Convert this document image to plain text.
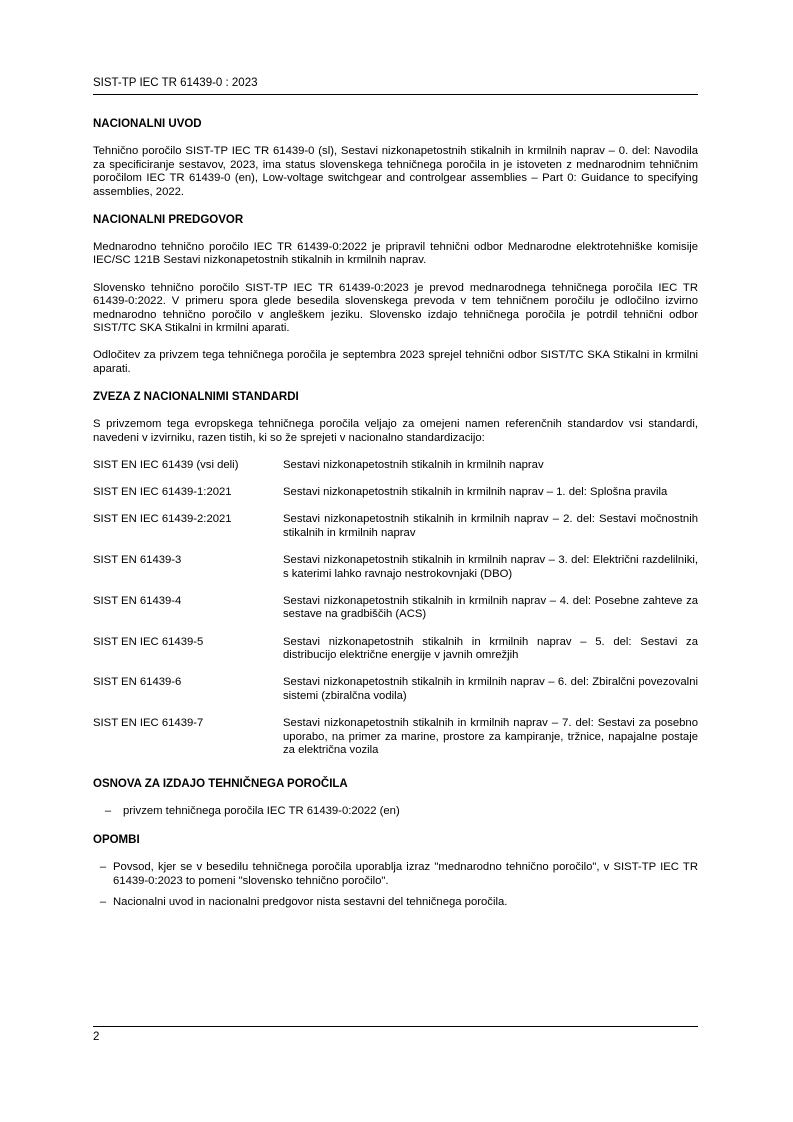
SIST-TP IEC TR 61439-0 : 2023
NACIONALNI UVOD

Tehnično poročilo SIST-TP IEC TR 61439-0 (sl), Sestavi nizkonapetostnih stikalnih in krmilnih naprav – 0. del: Navodila za specificiranje sestavov, 2023, ima status slovenskega tehničnega poročila in je istoveten z mednarodnim tehničnim poročilom IEC TR 61439-0 (en), Low-voltage switchgear and controlgear assemblies – Part 0: Guidance to specifying assemblies, 2022.

NACIONALNI PREDGOVOR

Mednarodno tehnično poročilo IEC TR 61439-0:2022 je pripravil tehnični odbor Mednarodne elektrotehniške komisije IEC/SC 121B Sestavi nizkonapetostnih stikalnih in krmilnih naprav.

Slovensko tehnično poročilo SIST-TP IEC TR 61439-0:2023 je prevod mednarodnega tehničnega poročila IEC TR 61439-0:2022. V primeru spora glede besedila slovenskega prevoda v tem tehničnem poročilu je odločilno izvirno mednarodno tehnično poročilo v angleškem jeziku. Slovensko izdajo tehničnega poročila je potrdil tehnični odbor SIST/TC SKA Stikalni in krmilni aparati.

Odločitev za privzem tega tehničnega poročila je septembra 2023 sprejel tehnični odbor SIST/TC SKA Stikalni in krmilni aparati.

ZVEZA Z NACIONALNIMI STANDARDI

S privzemom tega evropskega tehničnega poročila veljajo za omejeni namen referenčnih standardov vsi standardi, navedeni v izvirniku, razen tistih, ki so že sprejeti v nacionalno standardizacijo:

SIST EN IEC 61439 (vsi deli)	Sestavi nizkonapetostnih stikalnih in krmilnih naprav
SIST EN IEC 61439-1:2021	Sestavi nizkonapetostnih stikalnih in krmilnih naprav – 1. del: Splošna pravila
SIST EN IEC 61439-2:2021	Sestavi nizkonapetostnih stikalnih in krmilnih naprav – 2. del: Sestavi močnostnih stikalnih in krmilnih naprav
SIST EN 61439-3	Sestavi nizkonapetostnih stikalnih in krmilnih naprav – 3. del: Električni razdelilniki, s katerimi lahko ravnajo nestrokovnjaki (DBO)
SIST EN 61439-4	Sestavi nizkonapetostnih stikalnih in krmilnih naprav – 4. del: Posebne zahteve za sestave na gradbiščih (ACS)
SIST EN IEC 61439-5	Sestavi nizkonapetostnih stikalnih in krmilnih naprav – 5. del: Sestavi za distribucijo električne energije v javnih omrežjih
SIST EN 61439-6	Sestavi nizkonapetostnih stikalnih in krmilnih naprav – 6. del: Zbiralčni povezovalni sistemi (zbiralčna vodila)
SIST EN IEC 61439-7	Sestavi nizkonapetostnih stikalnih in krmilnih naprav – 7. del: Sestavi za posebno uporabo, na primer za marine, prostore za kampiranje, tržnice, napajalne postaje za električna vozila
OSNOVA ZA IZDAJO TEHNIČNEGA POROČILA
–	privzem tehničnega poročila IEC TR 61439-0:2022 (en)
OPOMBI
– Povsod, kjer se v besedilu tehničnega poročila uporablja izraz "mednarodno tehnično poročilo", v SIST-TP IEC TR 61439-0:2023 to pomeni "slovensko tehnično poročilo".
– Nacionalni uvod in nacionalni predgovor nista sestavni del tehničnega poročila.
2
